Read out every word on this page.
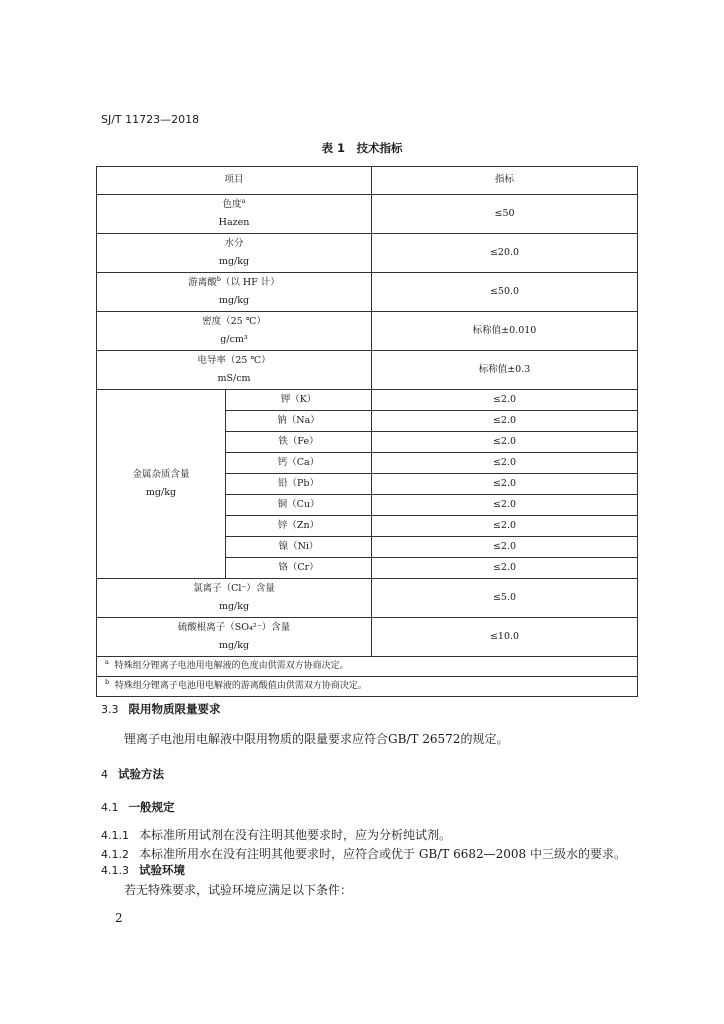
SJ/T 11723—2018
表 1　技术指标
项目		指标
色度$^a$
Hazen		≤50
水分
mg/kg		≤20.0
游离酸$^b$（以 HF 计）
mg/kg		≤50.0
密度（25 ℃）
g/cm³		标称值±0.010
电导率（25 ℃）
mS/cm		标称值±0.3
金属杂质含量
mg/kg	钾（K）	≤2.0
	钠（Na）	≤2.0
	铁（Fe）	≤2.0
	钙（Ca）	≤2.0
	铅（Pb）	≤2.0
	铜（Cu）	≤2.0
	锌（Zn）	≤2.0
	镍（Ni）	≤2.0
	铬（Cr）	≤2.0
氯离子（Cl⁻）含量
mg/kg		≤5.0
硫酸根离子（SO₄²⁻）含量
mg/kg		≤10.0
$^a$ 特殊组分锂离子电池用电解液的色度由供需双方协商决定。		
$^b$ 特殊组分锂离子电池用电解液的游离酸值由供需双方协商决定。		
3.3 限用物质限量要求
锂离子电池用电解液中限用物质的限量要求应符合GB/T 26572的规定。
4 试验方法
4.1 一般规定
4.1.1 本标准所用试剂在没有注明其他要求时，应为分析纯试剂。
4.1.2 本标准所用水在没有注明其他要求时，应符合或优于 GB/T 6682—2008 中三级水的要求。
4.1.3 试验环境
若无特殊要求，试验环境应满足以下条件：
2
